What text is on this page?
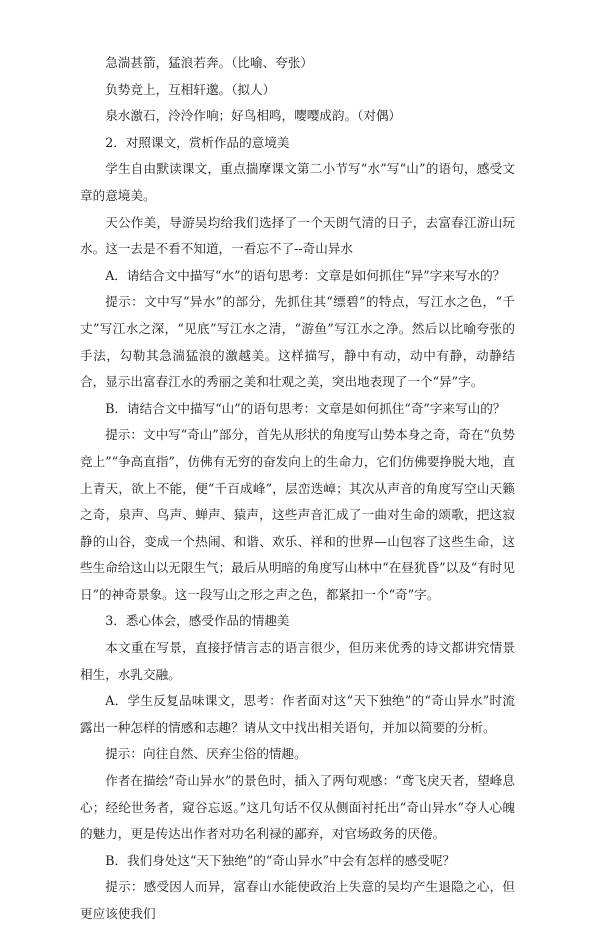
急湍甚箭，猛浪若奔。（比喻、夸张）

负势竞上，互相轩邈。（拟人）

泉水激石，泠泠作响；好鸟相鸣，嘤嘤成韵。（对偶）

2．对照课文，赏析作品的意境美

学生自由默读课文，重点揣摩课文第二小节写“水”写“山”的语句，感受文章的意境美。

天公作美，导游吴均给我们选择了一个天朗气清的日子，去富春江游山玩水。这一去是不看不知道，一看忘不了--奇山异水

A．请结合文中描写“水”的语句思考：文章是如何抓住“异”字来写水的？

提示：文中写“异水”的部分，先抓住其“缥碧”的特点，写江水之色，“千丈”写江水之深，“见底”写江水之清，“游鱼”写江水之净。然后以比喻夸张的手法，勾勒其急湍猛浪的激越美。这样描写，静中有动，动中有静，动静结合，显示出富春江水的秀丽之美和壮观之美，突出地表现了一个“异”字。

B．请结合文中描写“山”的语句思考：文章是如何抓住“奇”字来写山的？

提示：文中写“奇山”部分，首先从形状的角度写山势本身之奇，奇在“负势竞上”“争高直指”，仿佛有无穷的奋发向上的生命力，它们仿佛要挣脱大地，直上青天，欲上不能，便“千百成峰”，层峦迭嶂；其次从声音的角度写空山天籁之奇，泉声、鸟声、蝉声、猿声，这些声音汇成了一曲对生命的颂歌，把这寂静的山谷，变成一个热闹、和谐、欢乐、祥和的世界—山包容了这些生命，这些生命给这山以无限生气；最后从明暗的角度写山林中“在昼犹昏”以及“有时见日”的神奇景象。这一段写山之形之声之色，都紧扣一个“奇”字。

3．悉心体会，感受作品的情趣美

本文重在写景，直接抒情言志的语言很少，但历来优秀的诗文都讲究情景相生，水乳交融。

A．学生反复品味课文，思考：作者面对这“天下独绝”的“奇山异水”时流露出一种怎样的情感和志趣？请从文中找出相关语句，并加以简要的分析。

提示：向往自然、厌弃尘俗的情趣。

作者在描绘“奇山异水”的景色时，插入了两句观感：“鸢飞戾天者，望峰息心；经纶世务者，窥谷忘返。”这几句话不仅从侧面衬托出“奇山异水”夺人心魄的魅力，更是传达出作者对功名利禄的鄙弃，对官场政务的厌倦。

B．我们身处这“天下独绝”的“奇山异水”中会有怎样的感受呢？

提示：感受因人而异，富春山水能使政治上失意的吴均产生退隐之心，但更应该使我们
